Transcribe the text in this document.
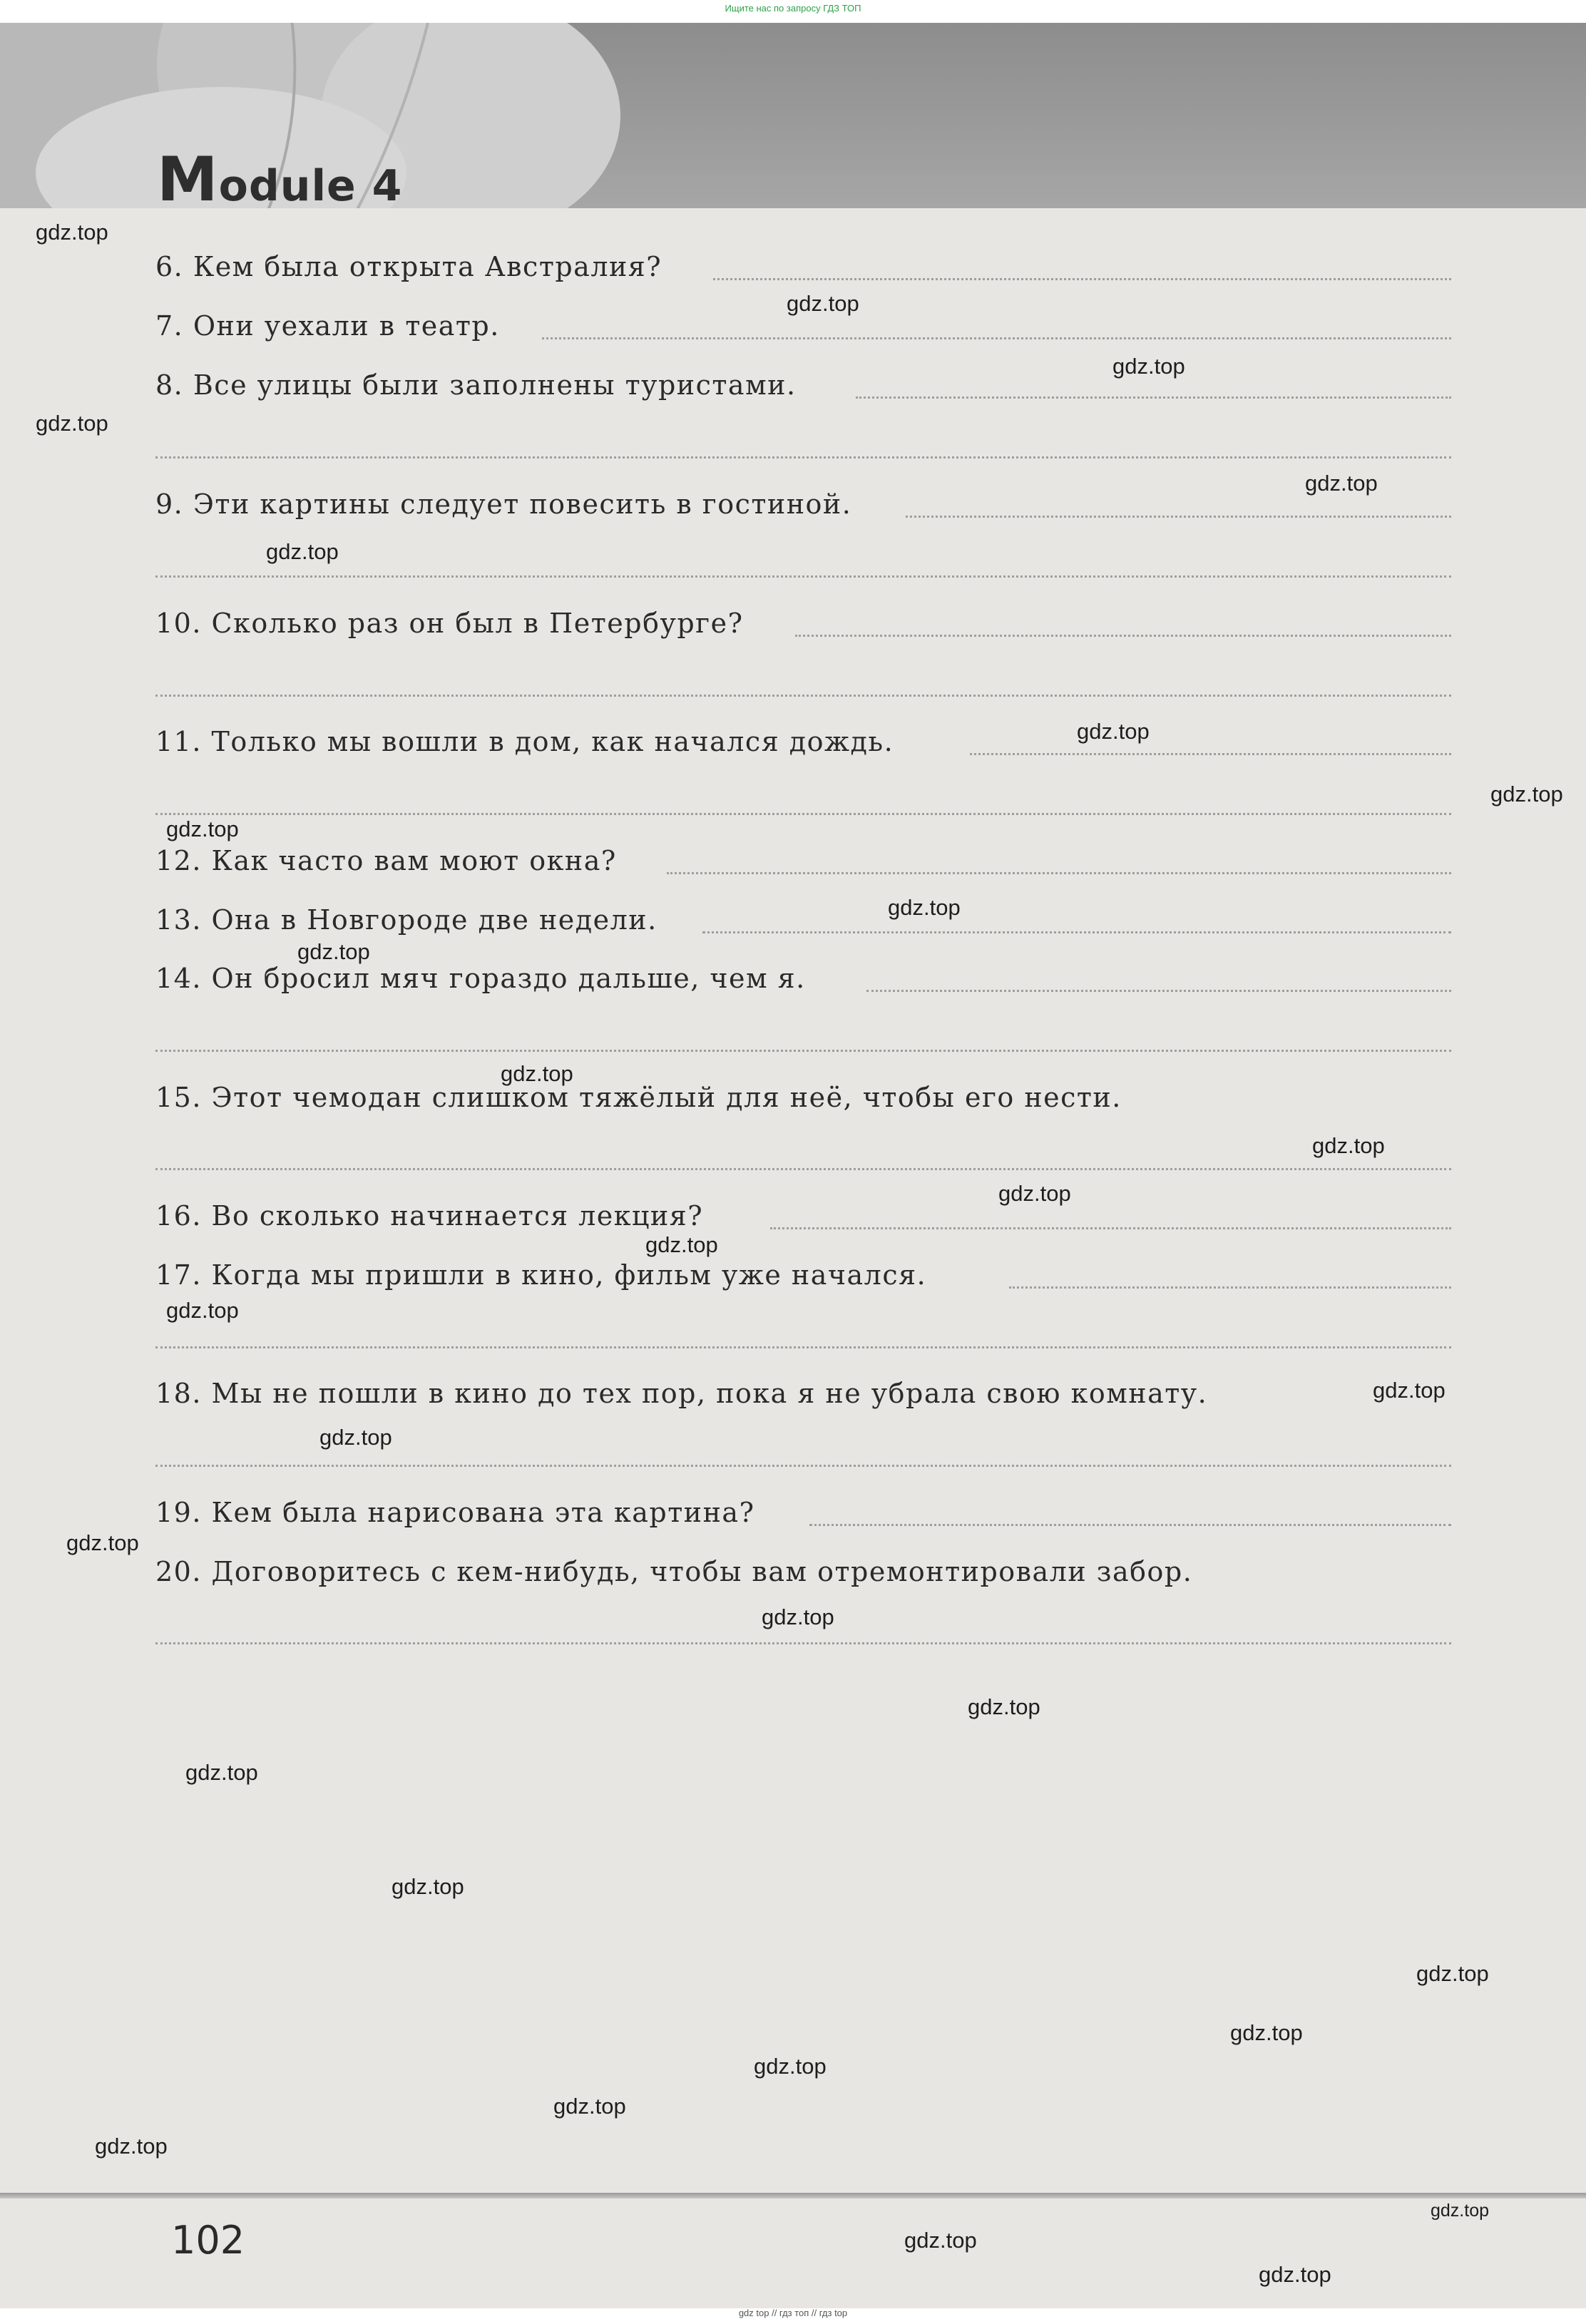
Ищите нас по запросу ГДЗ ТОП
Module 4
6. Кем была открыта Австралия?
7. Они уехали в театр.
8. Все улицы были заполнены туристами.
9. Эти картины следует повесить в гостиной.
10. Сколько раз он был в Петербурге?
11. Только мы вошли в дом, как начался дождь.
12. Как часто вам моют окна?
13. Она в Новгороде две недели.
14. Он бросил мяч гораздо дальше, чем я.
15. Этот чемодан слишком тяжёлый для неё, чтобы его нести.
16. Во сколько начинается лекция?
17. Когда мы пришли в кино, фильм уже начался.
18. Мы не пошли в кино до тех пор, пока я не убрала свою комнату.
19. Кем была нарисована эта картина?
20. Договоритесь с кем-нибудь, чтобы вам отремонтировали забор.
gdz.top
gdz.top
gdz.top
gdz.top
gdz.top
gdz.top
gdz.top
gdz.top
gdz.top
gdz.top
gdz.top
gdz.top
gdz.top
gdz.top
gdz.top
gdz.top
gdz.top
gdz.top
gdz.top
gdz.top
gdz.top
gdz.top
gdz.top
gdz.top
gdz.top
gdz.top
gdz.top
gdz.top
gdz.top
gdz.top
gdz.top
102
gdz top // гдз топ // гдз top
